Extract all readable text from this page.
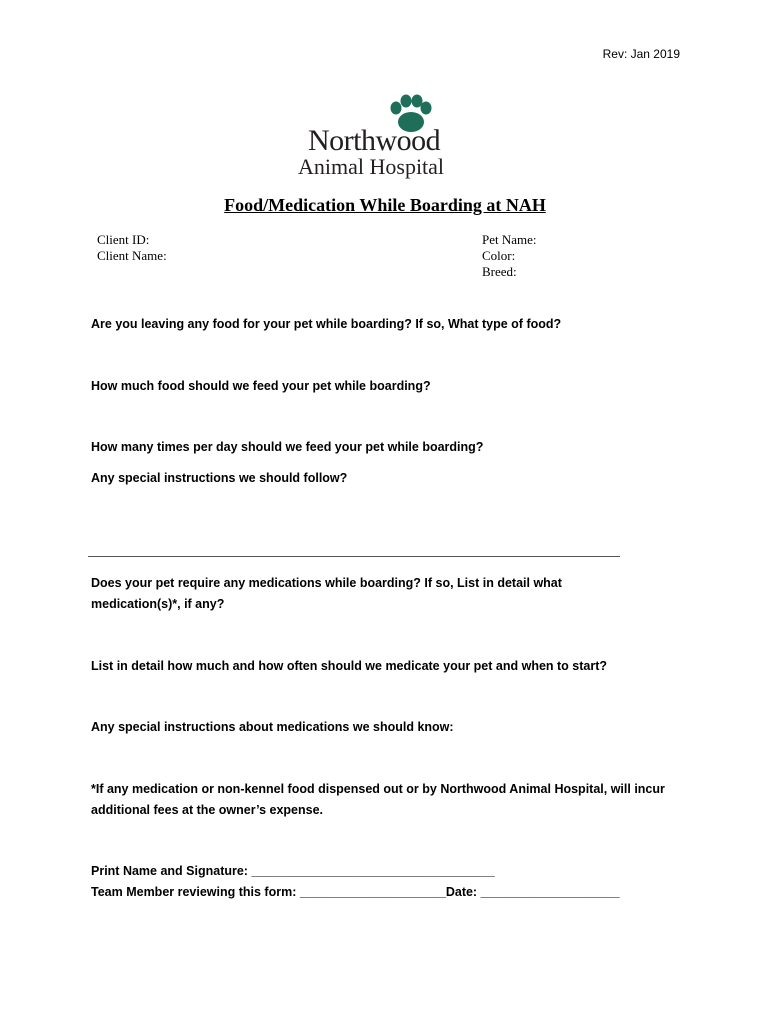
Rev: Jan 2019
Northwood
Animal Hospital
Food/Medication While Boarding at NAH
Client ID:
Client Name:
Pet Name:
Color:
Breed:
Are you leaving any food for your pet while boarding? If so, What type of food?
How much food should we feed your pet while boarding?
How many times per day should we feed your pet while boarding?
Any special instructions we should follow?
Does your pet require any medications while boarding? If so, List in detail what medication(s)*, if any?
List in detail how much and how often should we medicate your pet and when to start?
Any special instructions about medications we should know:
*If any medication or non-kennel food dispensed out or by Northwood Animal Hospital, will incur additional fees at the owner’s expense.
Print Name and Signature: ___________________________________
Team Member reviewing this form: _____________________Date: ____________________
